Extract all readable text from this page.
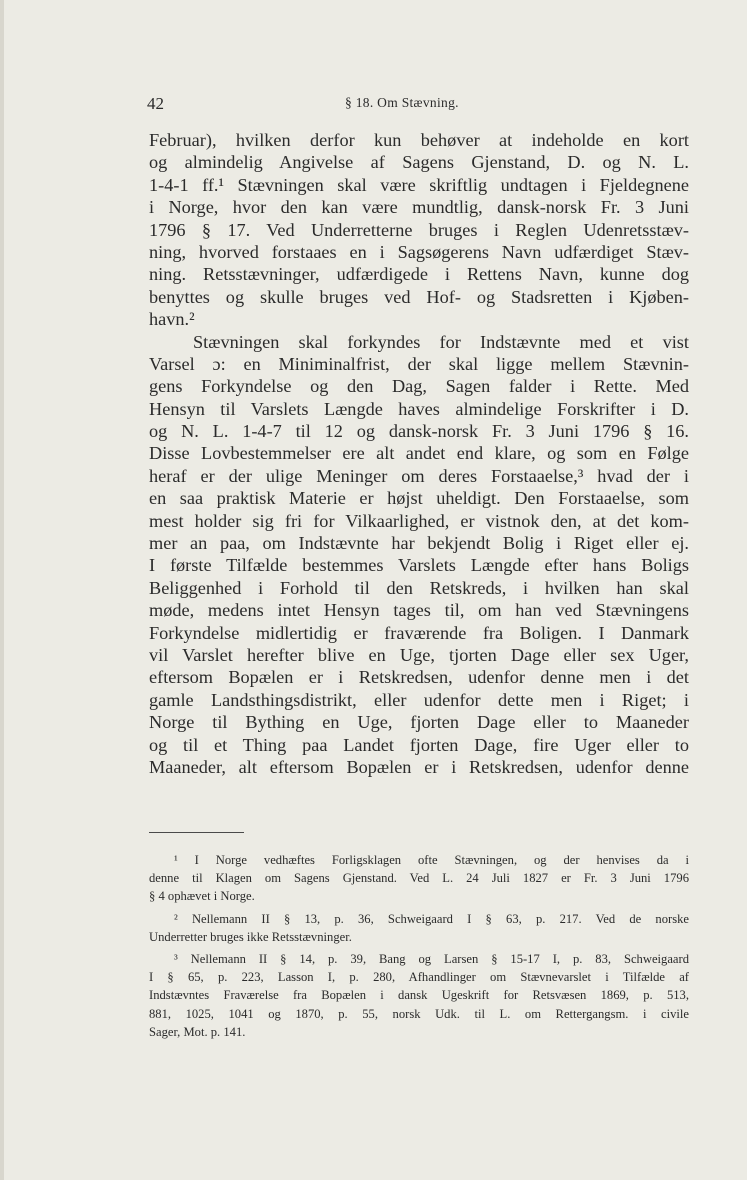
42	§ 18. Om Stævning.
Februar), hvilken derfor kun behøver at indeholde en kort
og almindelig Angivelse af Sagens Gjenstand, D. og N. L.
1-4-1 ff.¹ Stævningen skal være skriftlig undtagen i Fjeldegnene
i Norge, hvor den kan være mundtlig, dansk-norsk Fr. 3 Juni
1796 § 17. Ved Underretterne bruges i Reglen Udenretsstæv-
ning, hvorved forstaaes en i Sagsøgerens Navn udfærdiget Stæv-
ning. Retsstævninger, udfærdigede i Rettens Navn, kunne dog
benyttes og skulle bruges ved Hof- og Stadsretten i Kjøben-
havn.²
Stævningen skal forkyndes for Indstævnte med et vist
Varsel ɔ: en Miniminalfrist, der skal ligge mellem Stævnin-
gens Forkyndelse og den Dag, Sagen falder i Rette. Med
Hensyn til Varslets Længde haves almindelige Forskrifter i D.
og N. L. 1-4-7 til 12 og dansk-norsk Fr. 3 Juni 1796 § 16.
Disse Lovbestemmelser ere alt andet end klare, og som en Følge
heraf er der ulige Meninger om deres Forstaaelse,³ hvad der i
en saa praktisk Materie er højst uheldigt. Den Forstaaelse, som
mest holder sig fri for Vilkaarlighed, er vistnok den, at det kom-
mer an paa, om Indstævnte har bekjendt Bolig i Riget eller ej.
I første Tilfælde bestemmes Varslets Længde efter hans Boligs
Beliggenhed i Forhold til den Retskreds, i hvilken han skal
møde, medens intet Hensyn tages til, om han ved Stævningens
Forkyndelse midlertidig er fraværende fra Boligen. I Danmark
vil Varslet herefter blive en Uge, tjorten Dage eller sex Uger,
eftersom Bopælen er i Retskredsen, udenfor denne men i det
gamle Landsthingsdistrikt, eller udenfor dette men i Riget; i
Norge til Bything en Uge, fjorten Dage eller to Maaneder
og til et Thing paa Landet fjorten Dage, fire Uger eller to
Maaneder, alt eftersom Bopælen er i Retskredsen, udenfor denne
¹ I Norge vedhæftes Forligsklagen ofte Stævningen, og der henvises da i
denne til Klagen om Sagens Gjenstand. Ved L. 24 Juli 1827 er Fr. 3 Juni 1796
§ 4 ophævet i Norge.
² Nellemann II § 13, p. 36, Schweigaard I § 63, p. 217. Ved de norske
Underretter bruges ikke Retsstævninger.
³ Nellemann II § 14, p. 39, Bang og Larsen § 15-17 I, p. 83, Schweigaard
I § 65, p. 223, Lasson I, p. 280, Afhandlinger om Stævnevarslet i Tilfælde af
Indstævntes Fraværelse fra Bopælen i dansk Ugeskrift for Retsvæsen 1869, p. 513,
881, 1025, 1041 og 1870, p. 55, norsk Udk. til L. om Rettergangsm. i civile
Sager, Mot. p. 141.
